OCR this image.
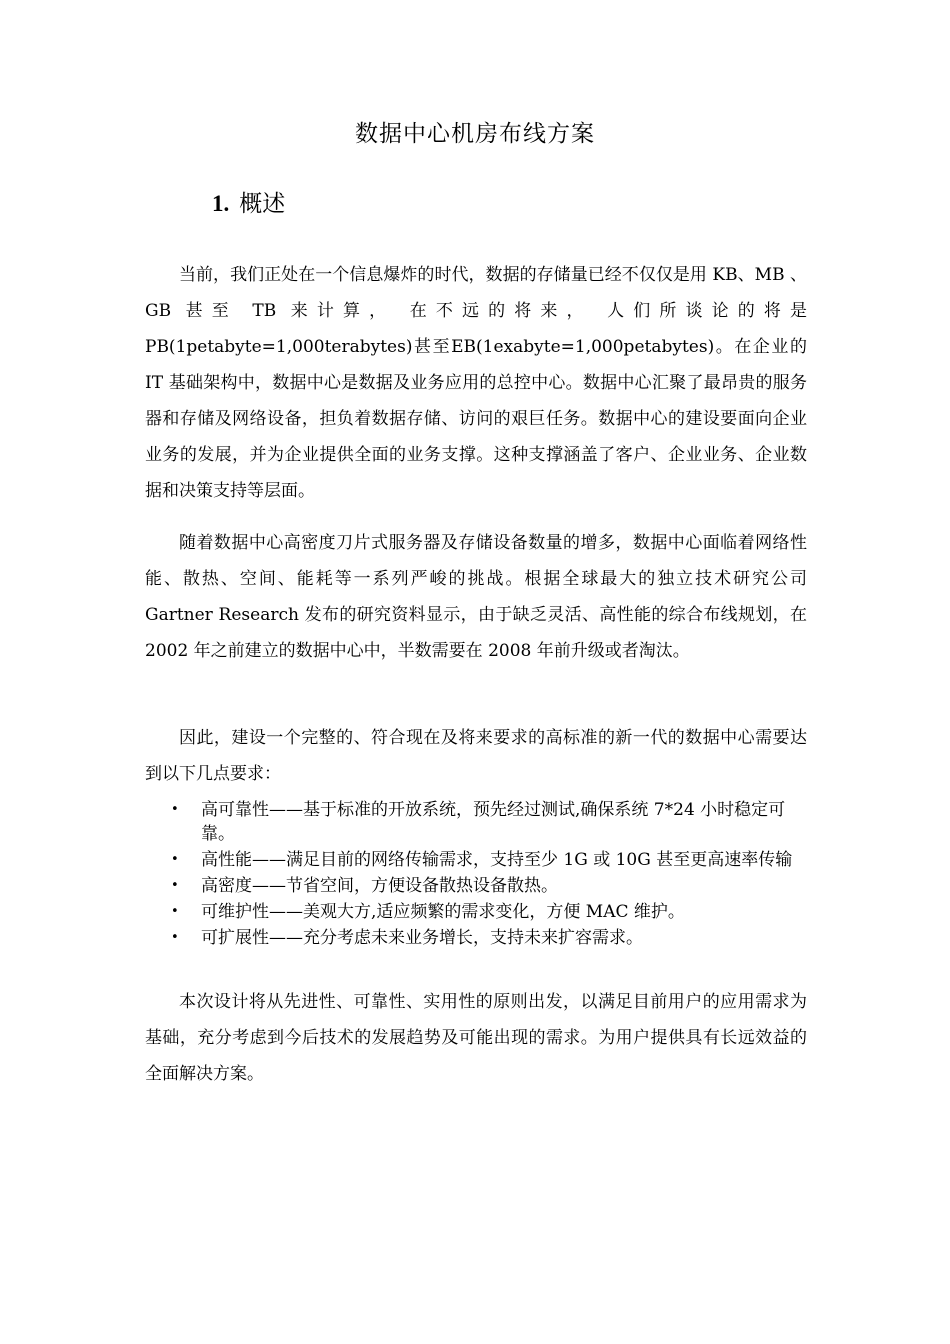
数据中心机房布线方案
1. 概述

当前，我们正处在一个信息爆炸的时代，数据的存储量已经不仅仅是用 KB、MB 、 GB 甚至 TB 来计算， 在不远的将来， 人们所谈论的将是 PB(1petabyte=1,000terabytes)甚至EB(1exabyte=1,000petabytes)。在企业的 IT 基础架构中，数据中心是数据及业务应用的总控中心。数据中心汇聚了最昂贵的服务器和存储及网络设备，担负着数据存储、访问的艰巨任务。数据中心的建设要面向企业业务的发展，并为企业提供全面的业务支撑。这种支撑涵盖了客户、企业业务、企业数据和决策支持等层面。

随着数据中心高密度刀片式服务器及存储设备数量的增多，数据中心面临着网络性能、散热、空间、能耗等一系列严峻的挑战。根据全球最大的独立技术研究公司 Gartner Research 发布的研究资料显示，由于缺乏灵活、高性能的综合布线规划，在 2002 年之前建立的数据中心中，半数需要在 2008 年前升级或者淘汰。

因此，建设一个完整的、符合现在及将来要求的高标准的新一代的数据中心需要达到以下几点要求：

• 高可靠性——基于标准的开放系统，预先经过测试,确保系统 7*24 小时稳定可靠。
• 高性能——满足目前的网络传输需求，支持至少 1G 或 10G 甚至更高速率传输
• 高密度——节省空间，方便设备散热设备散热。
• 可维护性——美观大方,适应频繁的需求变化，方便 MAC 维护。
• 可扩展性——充分考虑未来业务增长，支持未来扩容需求。

本次设计将从先进性、可靠性、实用性的原则出发，以满足目前用户的应用需求为基础，充分考虑到今后技术的发展趋势及可能出现的需求。为用户提供具有长远效益的全面解决方案。
